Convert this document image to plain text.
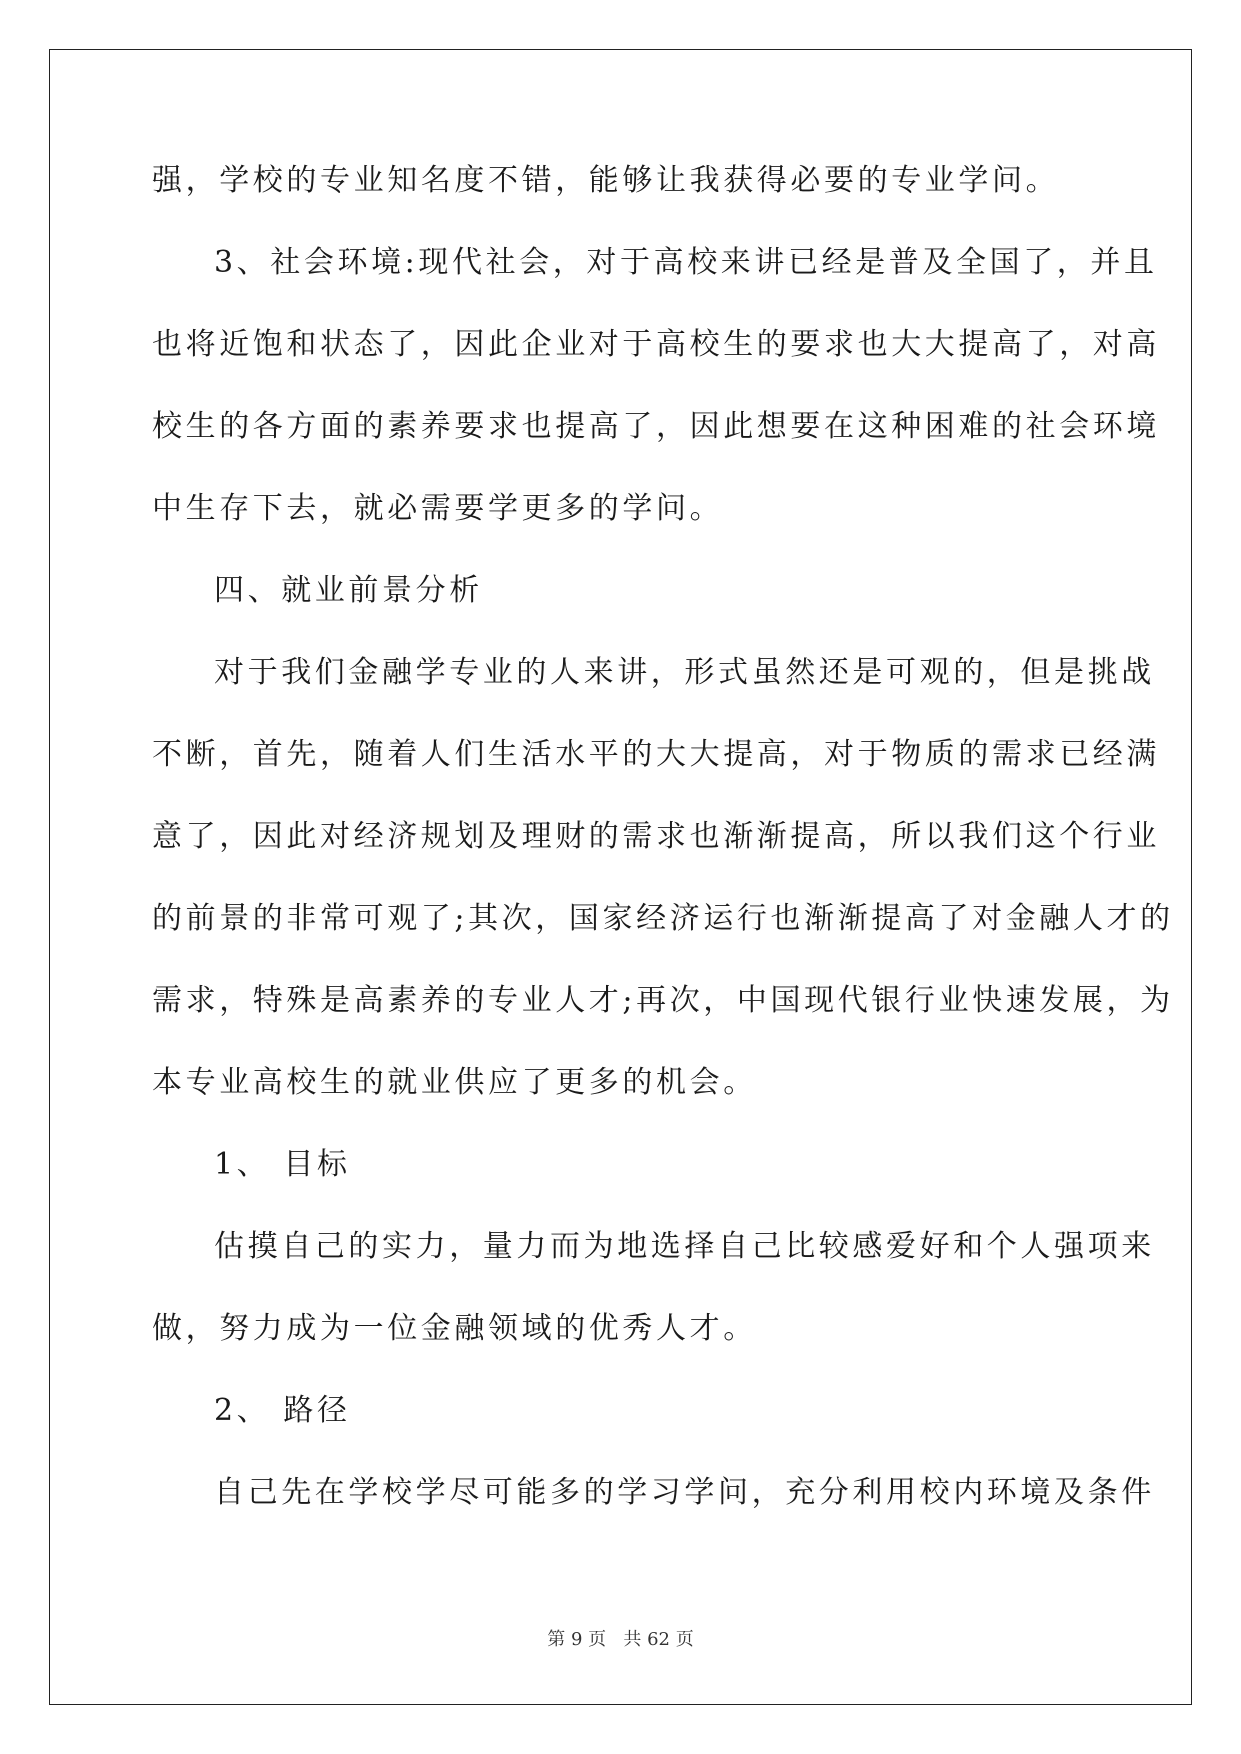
强，学校的专业知名度不错，能够让我获得必要的专业学问。
3、社会环境:现代社会，对于高校来讲已经是普及全国了，并且
也将近饱和状态了，因此企业对于高校生的要求也大大提高了，对高
校生的各方面的素养要求也提高了，因此想要在这种困难的社会环境
中生存下去，就必需要学更多的学问。
四、就业前景分析
对于我们金融学专业的人来讲，形式虽然还是可观的，但是挑战
不断，首先，随着人们生活水平的大大提高，对于物质的需求已经满
意了，因此对经济规划及理财的需求也渐渐提高，所以我们这个行业
的前景的非常可观了;其次，国家经济运行也渐渐提高了对金融人才的
需求，特殊是高素养的专业人才;再次，中国现代银行业快速发展，为
本专业高校生的就业供应了更多的机会。
1、 目标
估摸自己的实力，量力而为地选择自己比较感爱好和个人强项来
做，努力成为一位金融领域的优秀人才。
2、 路径
自己先在学校学尽可能多的学习学问，充分利用校内环境及条件
第 9 页   共 62 页
